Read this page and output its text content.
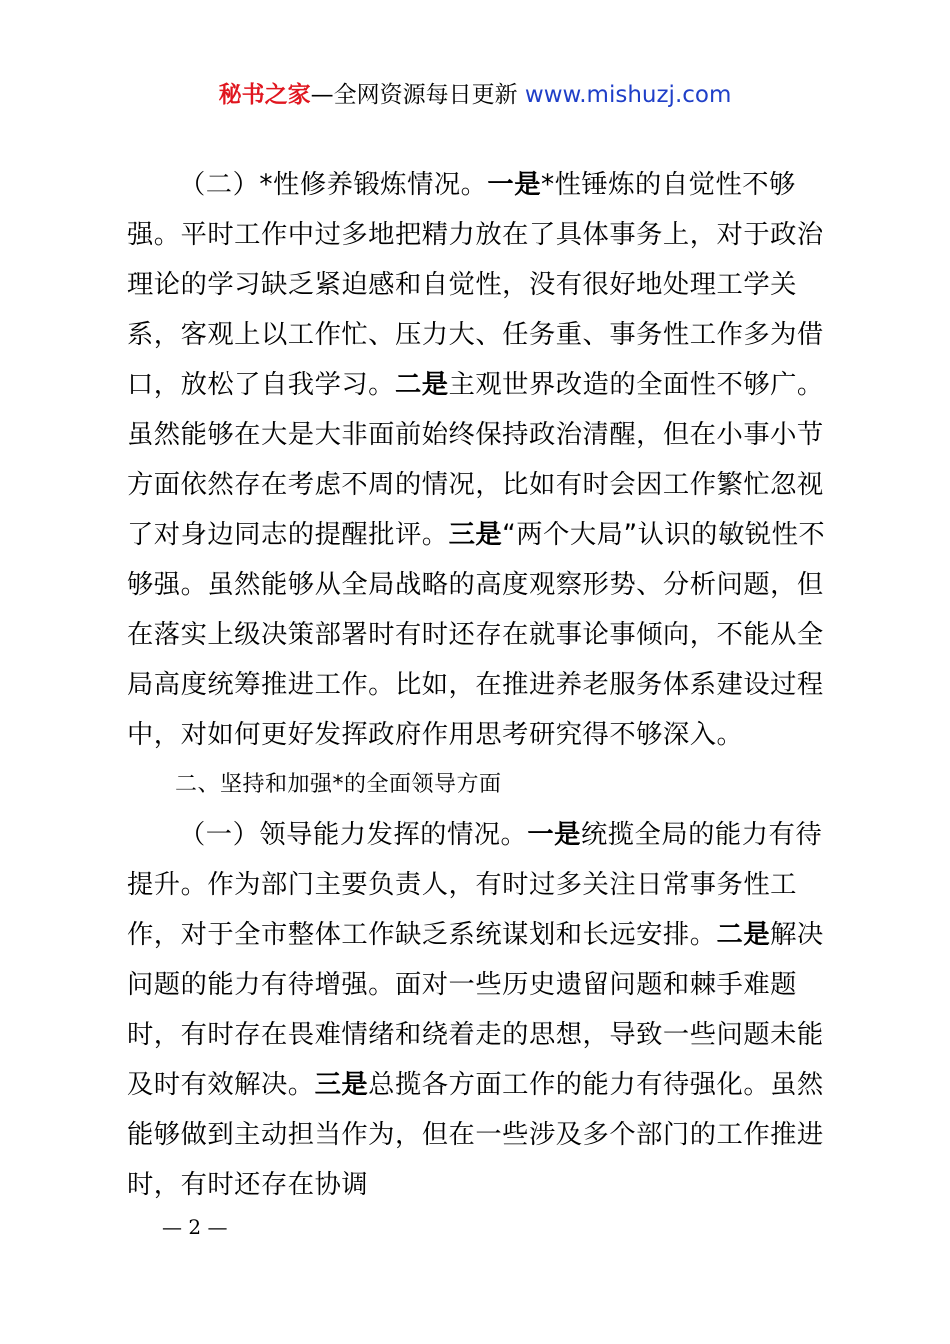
秘书之家—全网资源每日更新 www.mishuzj.com

（二）*性修养锻炼情况。一是*性锤炼的自觉性不够强。平时工作中过多地把精力放在了具体事务上，对于政治理论的学习缺乏紧迫感和自觉性，没有很好地处理工学关系，客观上以工作忙、压力大、任务重、事务性工作多为借口，放松了自我学习。二是主观世界改造的全面性不够广。虽然能够在大是大非面前始终保持政治清醒，但在小事小节方面依然存在考虑不周的情况，比如有时会因工作繁忙忽视了对身边同志的提醒批评。三是“两个大局”认识的敏锐性不够强。虽然能够从全局战略的高度观察形势、分析问题，但在落实上级决策部署时有时还存在就事论事倾向，不能从全局高度统筹推进工作。比如，在推进养老服务体系建设过程中，对如何更好发挥政府作用思考研究得不够深入。

二、坚持和加强*的全面领导方面

（一）领导能力发挥的情况。一是统揽全局的能力有待提升。作为部门主要负责人，有时过多关注日常事务性工作，对于全市整体工作缺乏系统谋划和长远安排。二是解决问题的能力有待增强。面对一些历史遗留问题和棘手难题时，有时存在畏难情绪和绕着走的思想，导致一些问题未能及时有效解决。三是总揽各方面工作的能力有待强化。虽然能够做到主动担当作为，但在一些涉及多个部门的工作推进时，有时还存在协调

— 2 —
